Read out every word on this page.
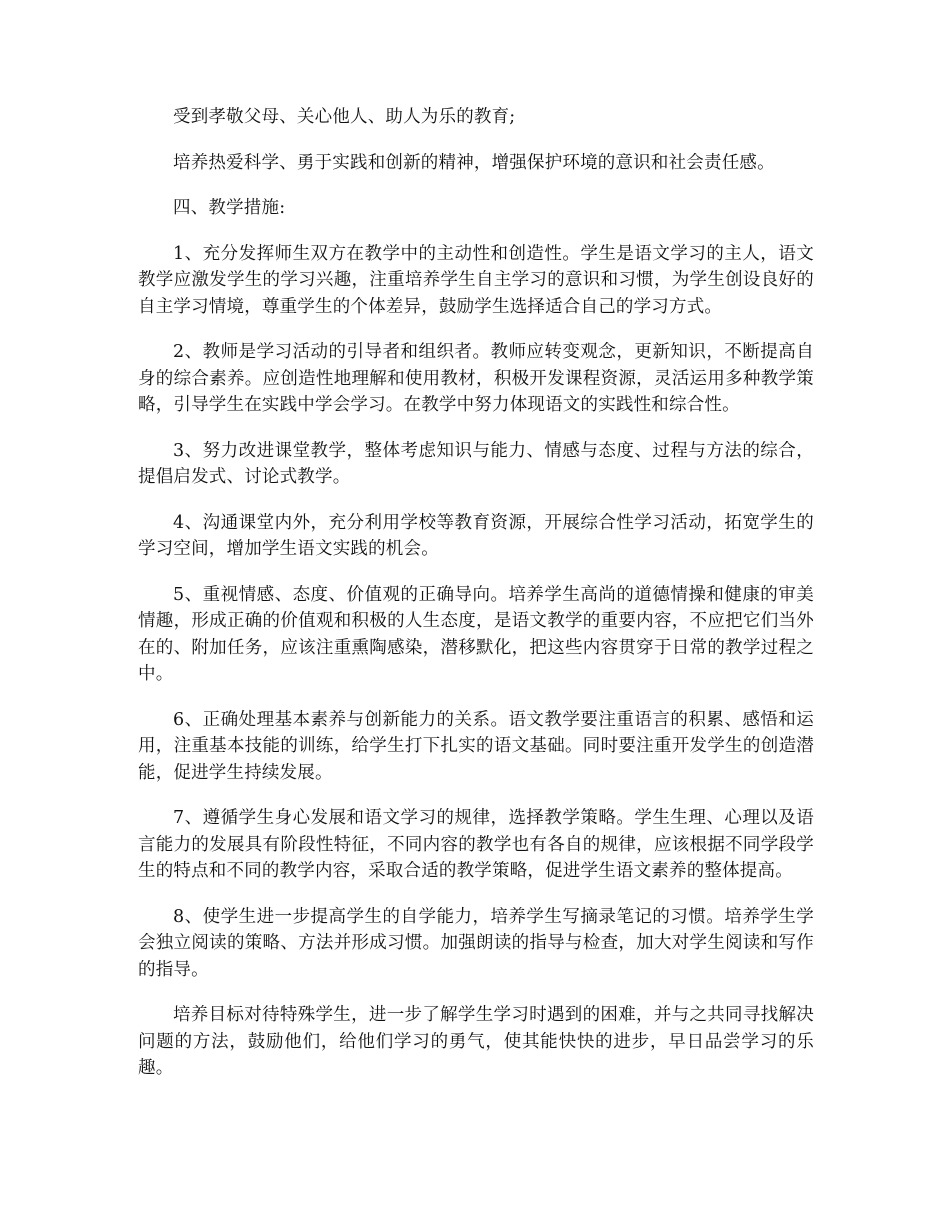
受到孝敬父母、关心他人、助人为乐的教育;

培养热爱科学、勇于实践和创新的精神，增强保护环境的意识和社会责任感。

四、教学措施:

1、充分发挥师生双方在教学中的主动性和创造性。学生是语文学习的主人，语文教学应激发学生的学习兴趣，注重培养学生自主学习的意识和习惯，为学生创设良好的自主学习情境，尊重学生的个体差异，鼓励学生选择适合自己的学习方式。

2、教师是学习活动的引导者和组织者。教师应转变观念，更新知识，不断提高自身的综合素养。应创造性地理解和使用教材，积极开发课程资源，灵活运用多种教学策略，引导学生在实践中学会学习。在教学中努力体现语文的实践性和综合性。

3、努力改进课堂教学，整体考虑知识与能力、情感与态度、过程与方法的综合，提倡启发式、讨论式教学。

4、沟通课堂内外，充分利用学校等教育资源，开展综合性学习活动，拓宽学生的学习空间，增加学生语文实践的机会。

5、重视情感、态度、价值观的正确导向。培养学生高尚的道德情操和健康的审美情趣，形成正确的价值观和积极的人生态度，是语文教学的重要内容，不应把它们当外在的、附加任务，应该注重熏陶感染，潜移默化，把这些内容贯穿于日常的教学过程之中。

6、正确处理基本素养与创新能力的关系。语文教学要注重语言的积累、感悟和运用，注重基本技能的训练，给学生打下扎实的语文基础。同时要注重开发学生的创造潜能，促进学生持续发展。

7、遵循学生身心发展和语文学习的规律，选择教学策略。学生生理、心理以及语言能力的发展具有阶段性特征，不同内容的教学也有各自的规律，应该根据不同学段学生的特点和不同的教学内容，采取合适的教学策略，促进学生语文素养的整体提高。

8、使学生进一步提高学生的自学能力，培养学生写摘录笔记的习惯。培养学生学会独立阅读的策略、方法并形成习惯。加强朗读的指导与检查，加大对学生阅读和写作的指导。

培养目标对待特殊学生，进一步了解学生学习时遇到的困难，并与之共同寻找解决问题的方法，鼓励他们，给他们学习的勇气，使其能快快的进步，早日品尝学习的乐趣。
